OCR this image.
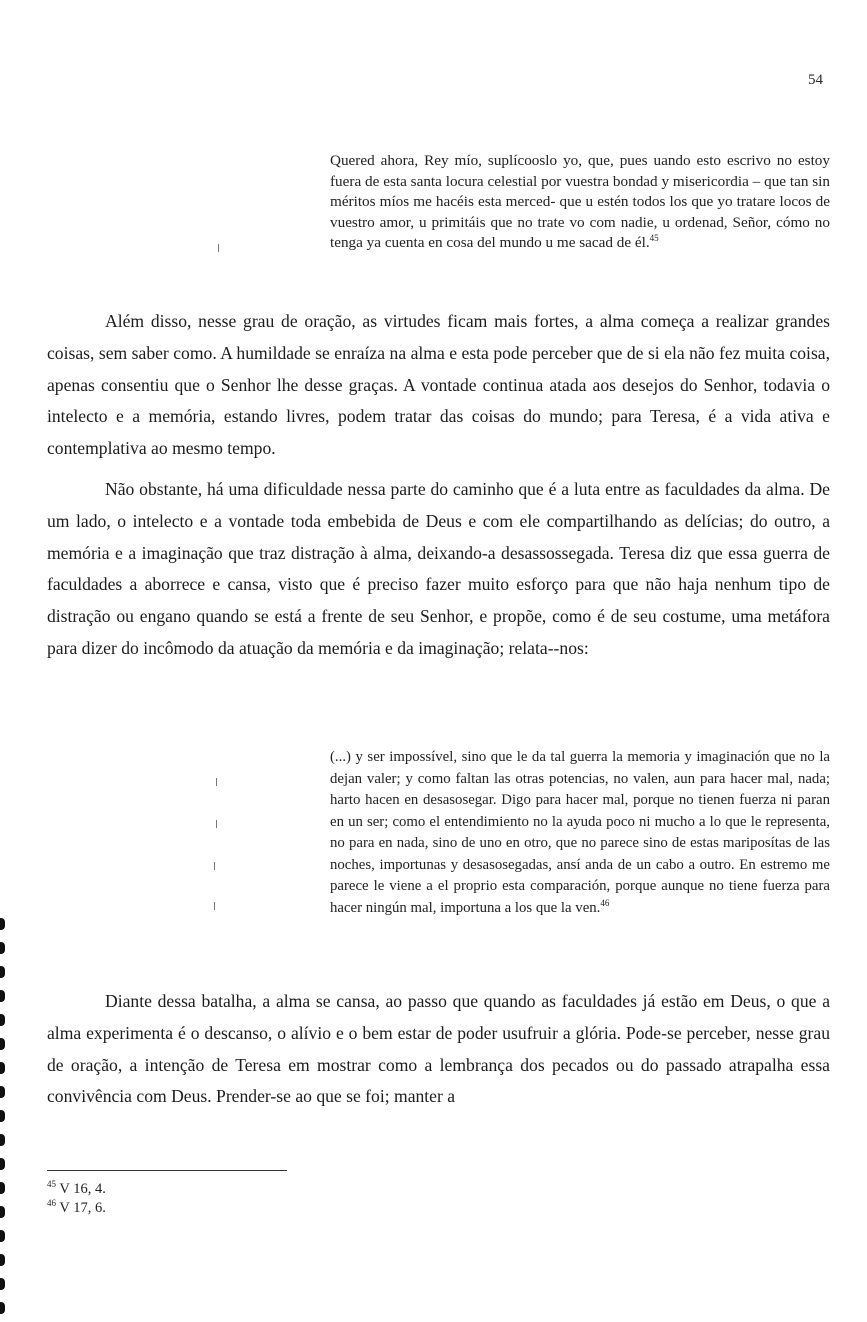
54
Quered ahora, Rey mío, suplícooslo yo, que, pues uando esto escrivo no estoy fuera de esta santa locura celestial por vuestra bondad y misericordia – que tan sin méritos míos me hacéis esta merced- que u estén todos los que yo tratare locos de vuestro amor, u primitáis que no trate vo com nadie, u ordenad, Señor, cómo no tenga ya cuenta en cosa del mundo u me sacad de él.$^{45}$
Além disso, nesse grau de oração, as virtudes ficam mais fortes, a alma começa a realizar grandes coisas, sem saber como. A humildade se enraíza na alma e esta pode perceber que de si ela não fez muita coisa, apenas consentiu que o Senhor lhe desse graças. A vontade continua atada aos desejos do Senhor, todavia o intelecto e a memória, estando livres, podem tratar das coisas do mundo; para Teresa, é a vida ativa e contemplativa ao mesmo tempo.
Não obstante, há uma dificuldade nessa parte do caminho que é a luta entre as faculdades da alma. De um lado, o intelecto e a vontade toda embebida de Deus e com ele compartilhando as delícias; do outro, a memória e a imaginação que traz distração à alma, deixando-a desassossegada. Teresa diz que essa guerra de faculdades a aborrece e cansa, visto que é preciso fazer muito esforço para que não haja nenhum tipo de distração ou engano quando se está a frente de seu Senhor, e propõe, como é de seu costume, uma metáfora para dizer do incômodo da atuação da memória e da imaginação; relata--nos:
(...) y ser impossível, sino que le da tal guerra la memoria y imaginación que no la dejan valer; y como faltan las otras potencias, no valen, aun para hacer mal, nada; harto hacen en desasosegar. Digo para hacer mal, porque no tienen fuerza ni paran en un ser; como el entendimiento no la ayuda poco ni mucho a lo que le representa, no para en nada, sino de uno en otro, que no parece sino de estas mariposítas de las noches, importunas y desasosegadas, ansí anda de un cabo a outro. En estremo me parece le viene a el proprio esta comparación, porque aunque no tiene fuerza para hacer ningún mal, importuna a los que la ven.$^{46}$
Diante dessa batalha, a alma se cansa, ao passo que quando as faculdades já estão em Deus, o que a alma experimenta é o descanso, o alívio e o bem estar de poder usufruir a glória. Pode-se perceber, nesse grau de oração, a intenção de Teresa em mostrar como a lembrança dos pecados ou do passado atrapalha essa convivência com Deus. Prender-se ao que se foi; manter a
$^{45}$ V 16, 4.
$^{46}$ V 17, 6.
